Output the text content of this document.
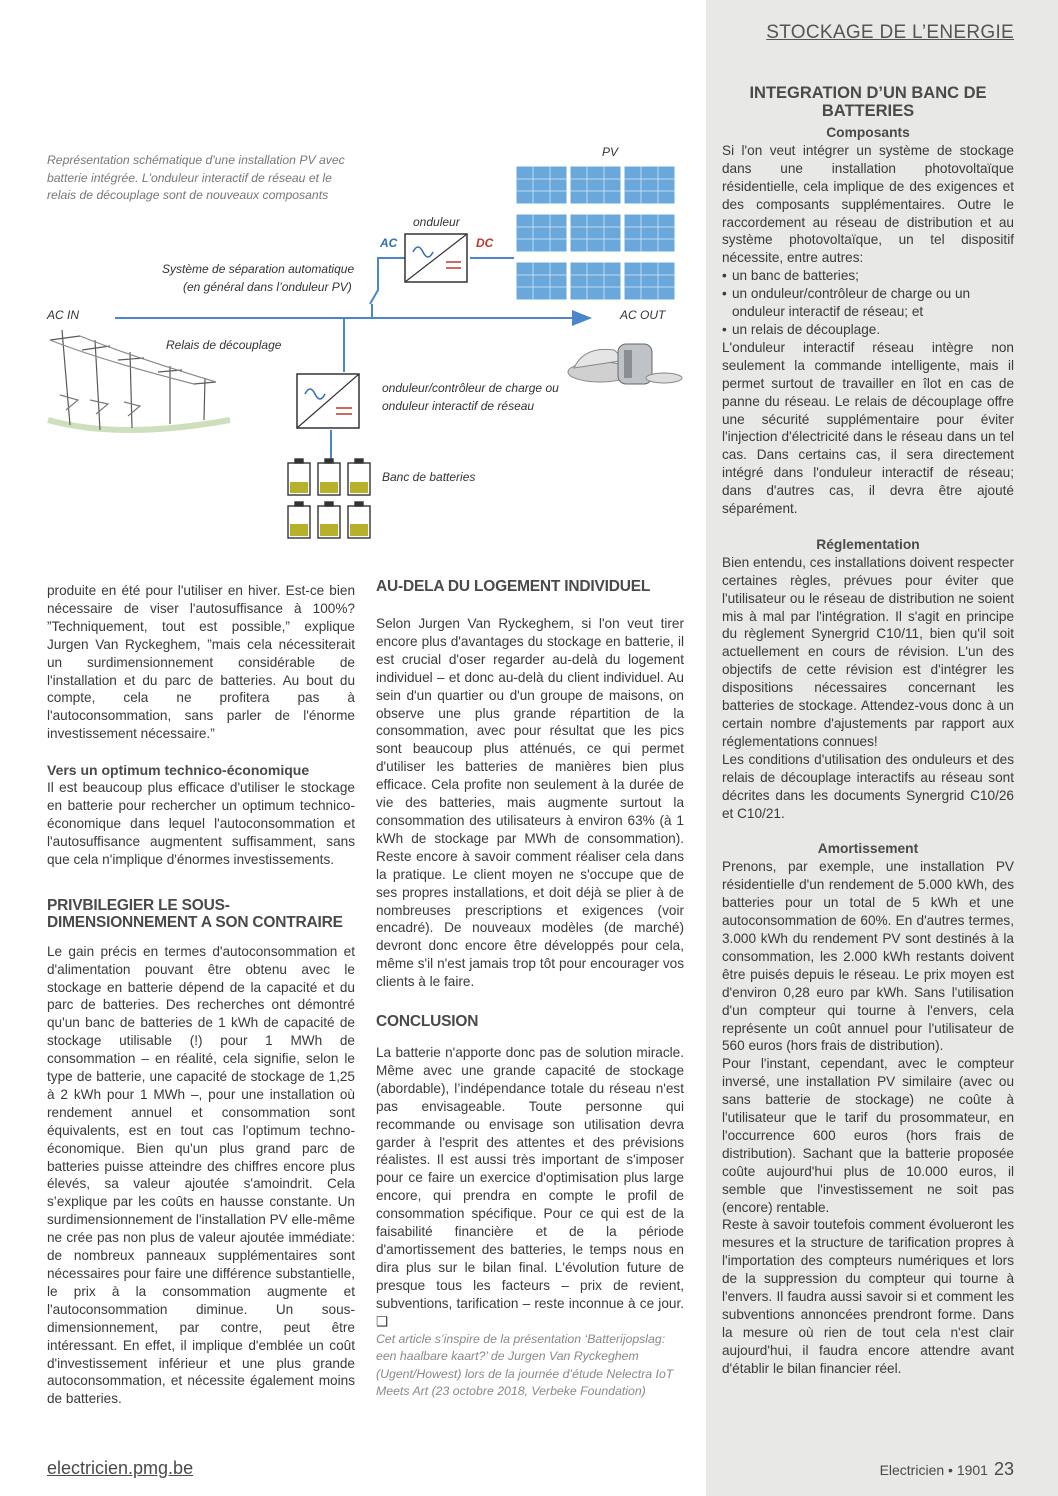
STOCKAGE DE L’ENERGIE
Représentation schématique d'une installation PV avec batterie intégrée. L'onduleur interactif de réseau et le relais de découplage sont de nouveaux composants
PV
onduleur
AC	DC
Système de séparation automatique
(en général dans l’onduleur PV)
AC IN	AC OUT
Relais de découplage
onduleur/contrôleur de charge ou
onduleur interactif de réseau
Banc de batteries

produite en été pour l'utiliser en hiver. Est-ce bien nécessaire de viser l'autosuffisance à 100%? ”Techniquement, tout est possible,” explique Jurgen Van Ryckeghem, ”mais cela nécessiterait un surdimensionnement considérable de l'installation et du parc de batteries. Au bout du compte, cela ne profitera pas à l'autoconsommation, sans parler de l'énorme investissement nécessaire.”

Vers un optimum technico-économique

Il est beaucoup plus efficace d'utiliser le stockage en batterie pour rechercher un optimum technico-économique dans lequel l'autoconsommation et l'autosuffisance augmentent suffisamment, sans que cela n'implique d'énormes investissements.

PRIVBILEGIER LE SOUS-DIMENSIONNEMENT A SON CONTRAIRE

Le gain précis en termes d'autoconsommation et d'alimentation pouvant être obtenu avec le stockage en batterie dépend de la capacité et du parc de batteries. Des recherches ont démontré qu'un banc de batteries de 1 kWh de capacité de stockage utilisable (!) pour 1 MWh de consommation – en réalité, cela signifie, selon le type de batterie, une capacité de stockage de 1,25 à 2 kWh pour 1 MWh –, pour une installation où rendement annuel et consommation sont équivalents, est en tout cas l'optimum techno-économique. Bien qu'un plus grand parc de batteries puisse atteindre des chiffres encore plus élevés, sa valeur ajoutée s'amoindrit. Cela s’explique par les coûts en hausse constante. Un surdimensionnement de l'installation PV elle-même ne crée pas non plus de valeur ajoutée immédiate: de nombreux panneaux supplémentaires sont nécessaires pour faire une différence substantielle, le prix à la consommation augmente et l'autoconsommation diminue. Un sous-dimensionnement, par contre, peut être intéressant. En effet, il implique d'emblée un coût d'investissement inférieur et une plus grande autoconsommation, et nécessite également moins de batteries.

AU-DELA DU LOGEMENT INDIVIDUEL

Selon Jurgen Van Ryckeghem, si l'on veut tirer encore plus d'avantages du stockage en batterie, il est crucial d'oser regarder au-delà du logement individuel – et donc au-delà du client individuel. Au sein d'un quartier ou d'un groupe de maisons, on observe une plus grande répartition de la consommation, avec pour résultat que les pics sont beaucoup plus atténués, ce qui permet d'utiliser les batteries de manières bien plus efficace. Cela profite non seulement à la durée de vie des batteries, mais augmente surtout la consommation des utilisateurs à environ 63% (à 1 kWh de stockage par MWh de consommation). Reste encore à savoir comment réaliser cela dans la pratique. Le client moyen ne s'occupe que de ses propres installations, et doit déjà se plier à de nombreuses prescriptions et exigences (voir encadré). De nouveaux modèles (de marché) devront donc encore être développés pour cela, même s'il n'est jamais trop tôt pour encourager vos clients à le faire.

CONCLUSION

La batterie n'apporte donc pas de solution miracle. Même avec une grande capacité de stockage (abordable), l’indépendance totale du réseau n'est pas envisageable. Toute personne qui recommande ou envisage son utilisation devra garder à l'esprit des attentes et des prévisions réalistes. Il est aussi très important de s'imposer pour ce faire un exercice d'optimisation plus large encore, qui prendra en compte le profil de consommation spécifique. Pour ce qui est de la faisabilité financière et de la période d'amortissement des batteries, le temps nous en dira plus sur le bilan final. L'évolution future de presque tous les facteurs – prix de revient, subventions, tarification – reste inconnue à ce jour. ❑

Cet article s’inspire de la présentation ‘Batterijopslag: een haalbare kaart?’ de Jurgen Van Ryckeghem (Ugent/Howest) lors de la journée d’étude Nelectra IoT Meets Art (23 octobre 2018, Verbeke Foundation)

INTEGRATION D’UN BANC DE BATTERIES
Composants

Si l'on veut intégrer un système de stockage dans une installation photovoltaïque résidentielle, cela implique de des exigences et des composants supplémentaires. Outre le raccordement au réseau de distribution et au système photovoltaïque, un tel dispositif nécessite, entre autres:

• un banc de batteries;
• un onduleur/contrôleur de charge ou un onduleur interactif de réseau; et
• un relais de découplage.

L'onduleur interactif réseau intègre non seulement la commande intelligente, mais il permet surtout de travailler en îlot en cas de panne du réseau. Le relais de découplage offre une sécurité supplémentaire pour éviter l'injection d'électricité dans le réseau dans un tel cas. Dans certains cas, il sera directement intégré dans l'onduleur interactif de réseau; dans d'autres cas, il devra être ajouté séparément.

Réglementation

Bien entendu, ces installations doivent respecter certaines règles, prévues pour éviter que l'utilisateur ou le réseau de distribution ne soient mis à mal par l'intégration. Il s'agit en principe du règlement Synergrid C10/11, bien qu'il soit actuellement en cours de révision. L'un des objectifs de cette révision est d'intégrer les dispositions nécessaires concernant les batteries de stockage. Attendez-vous donc à un certain nombre d'ajustements par rapport aux réglementations connues!

Les conditions d'utilisation des onduleurs et des relais de découplage interactifs au réseau sont décrites dans les documents Synergrid C10/26 et C10/21.

Amortissement

Prenons, par exemple, une installation PV résidentielle d'un rendement de 5.000 kWh, des batteries pour un total de 5 kWh et une autoconsommation de 60%. En d'autres termes, 3.000 kWh du rendement PV sont destinés à la consommation, les 2.000 kWh restants doivent être puisés depuis le réseau. Le prix moyen est d'environ 0,28 euro par kWh. Sans l'utilisation d'un compteur qui tourne à l'envers, cela représente un coût annuel pour l'utilisateur de 560 euros (hors frais de distribution).

Pour l'instant, cependant, avec le compteur inversé, une installation PV similaire (avec ou sans batterie de stockage) ne coûte à l'utilisateur que le tarif du prosommateur, en l'occurrence 600 euros (hors frais de distribution). Sachant que la batterie proposée coûte aujourd'hui plus de 10.000 euros, il semble que l'investissement ne soit pas (encore) rentable.

Reste à savoir toutefois comment évolueront les mesures et la structure de tarification propres à l'importation des compteurs numériques et lors de la suppression du compteur qui tourne à l'envers. Il faudra aussi savoir si et comment les subventions annoncées prendront forme. Dans la mesure où rien de tout cela n'est clair aujourd'hui, il faudra encore attendre avant d'établir le bilan financier réel.

electricien.pmg.be	Electricien • 1901 23
